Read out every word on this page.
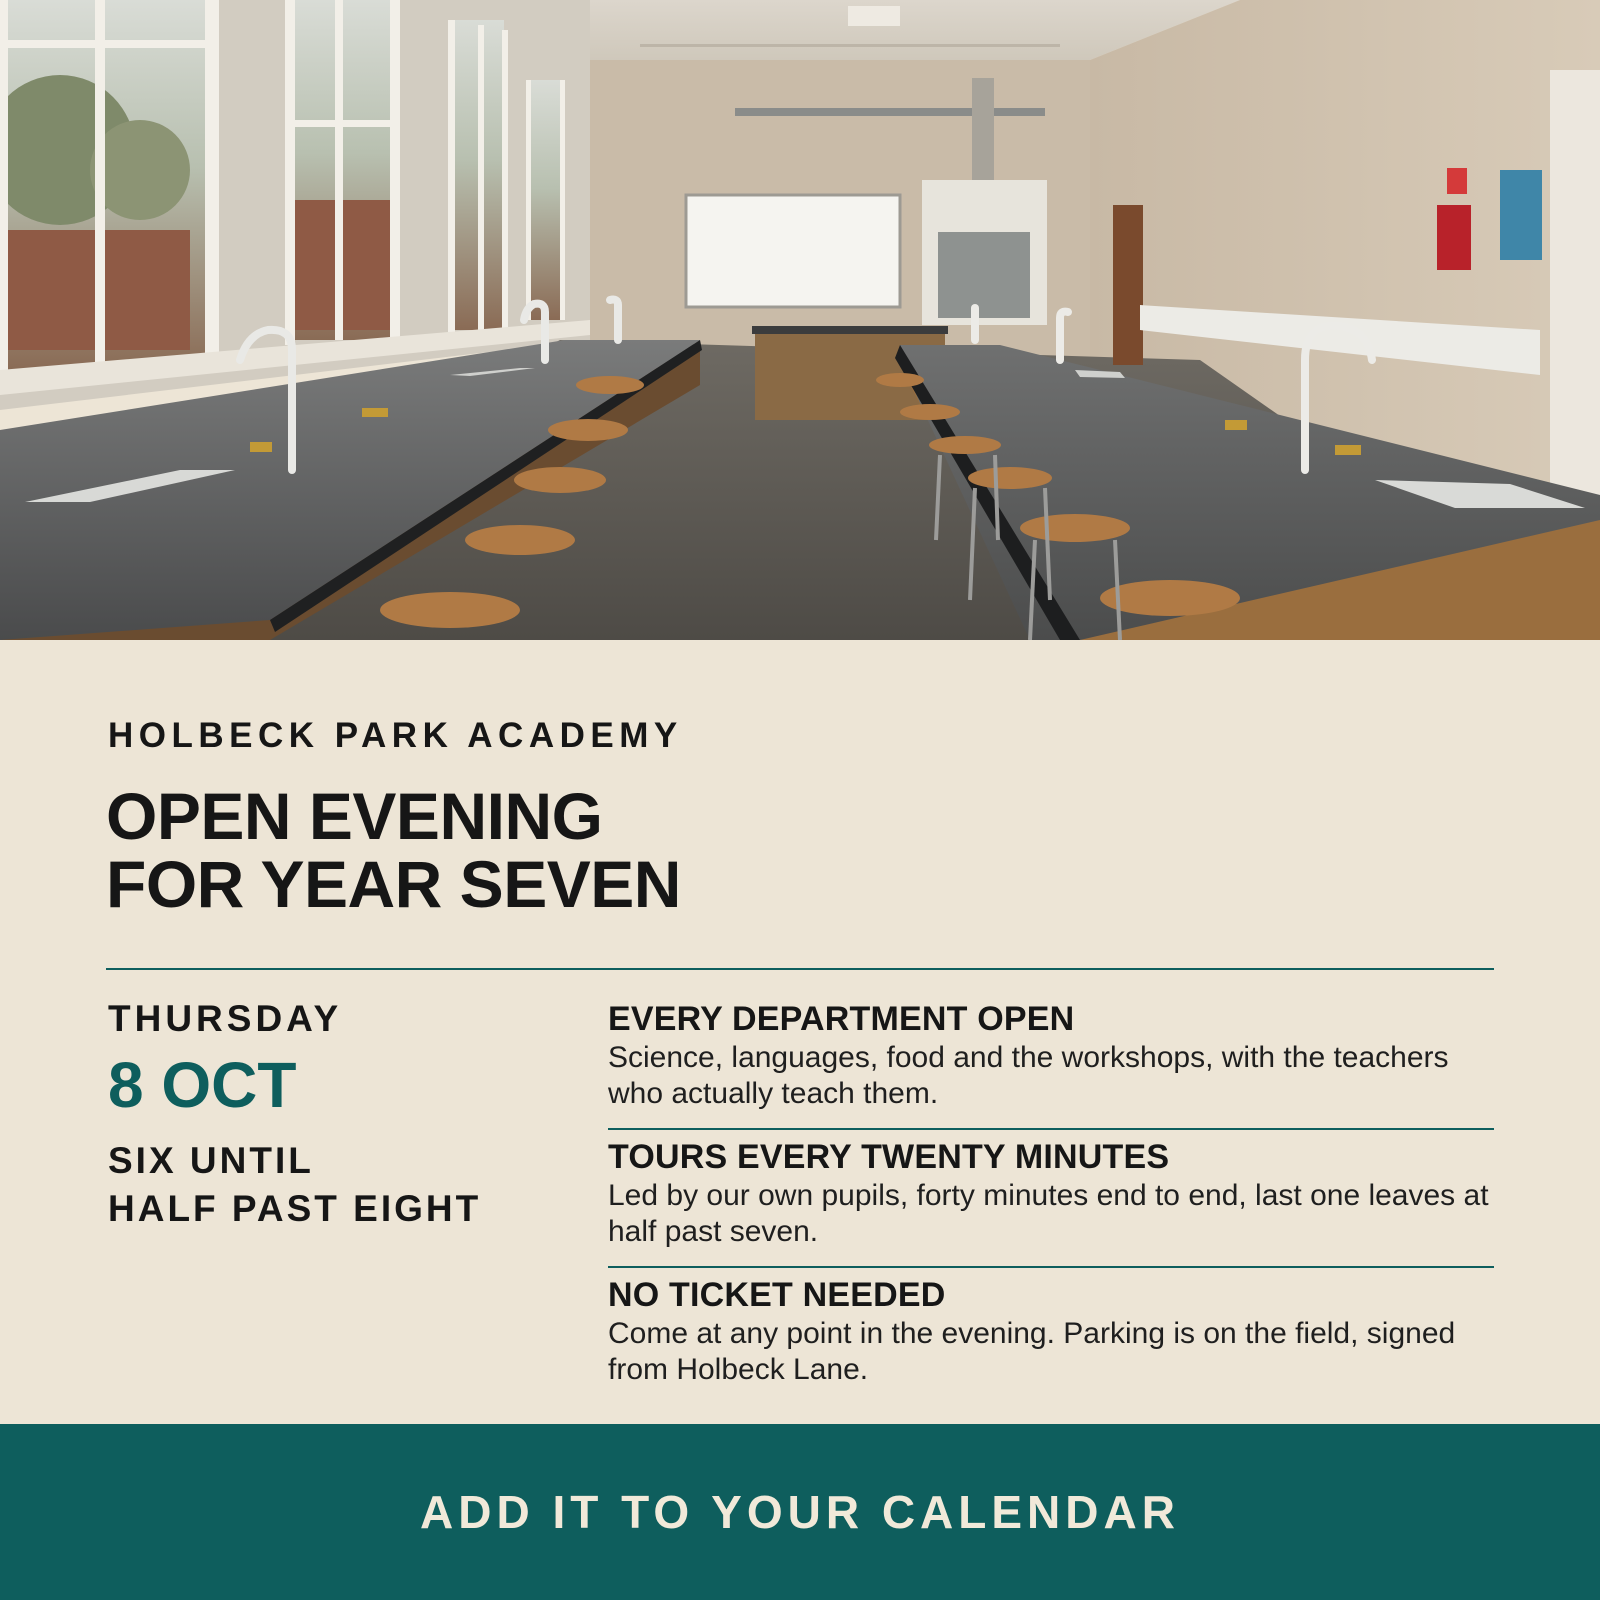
HOLBECK PARK ACADEMY
OPEN EVENING
FOR YEAR SEVEN
THURSDAY
8 OCT
SIX UNTIL
HALF PAST EIGHT
EVERY DEPARTMENT OPEN
Science, languages, food and the workshops, with the teachers who actually teach them.
TOURS EVERY TWENTY MINUTES
Led by our own pupils, forty minutes end to end, last one leaves at half past seven.
NO TICKET NEEDED
Come at any point in the evening. Parking is on the field, signed from Holbeck Lane.
ADD IT TO YOUR CALENDAR
